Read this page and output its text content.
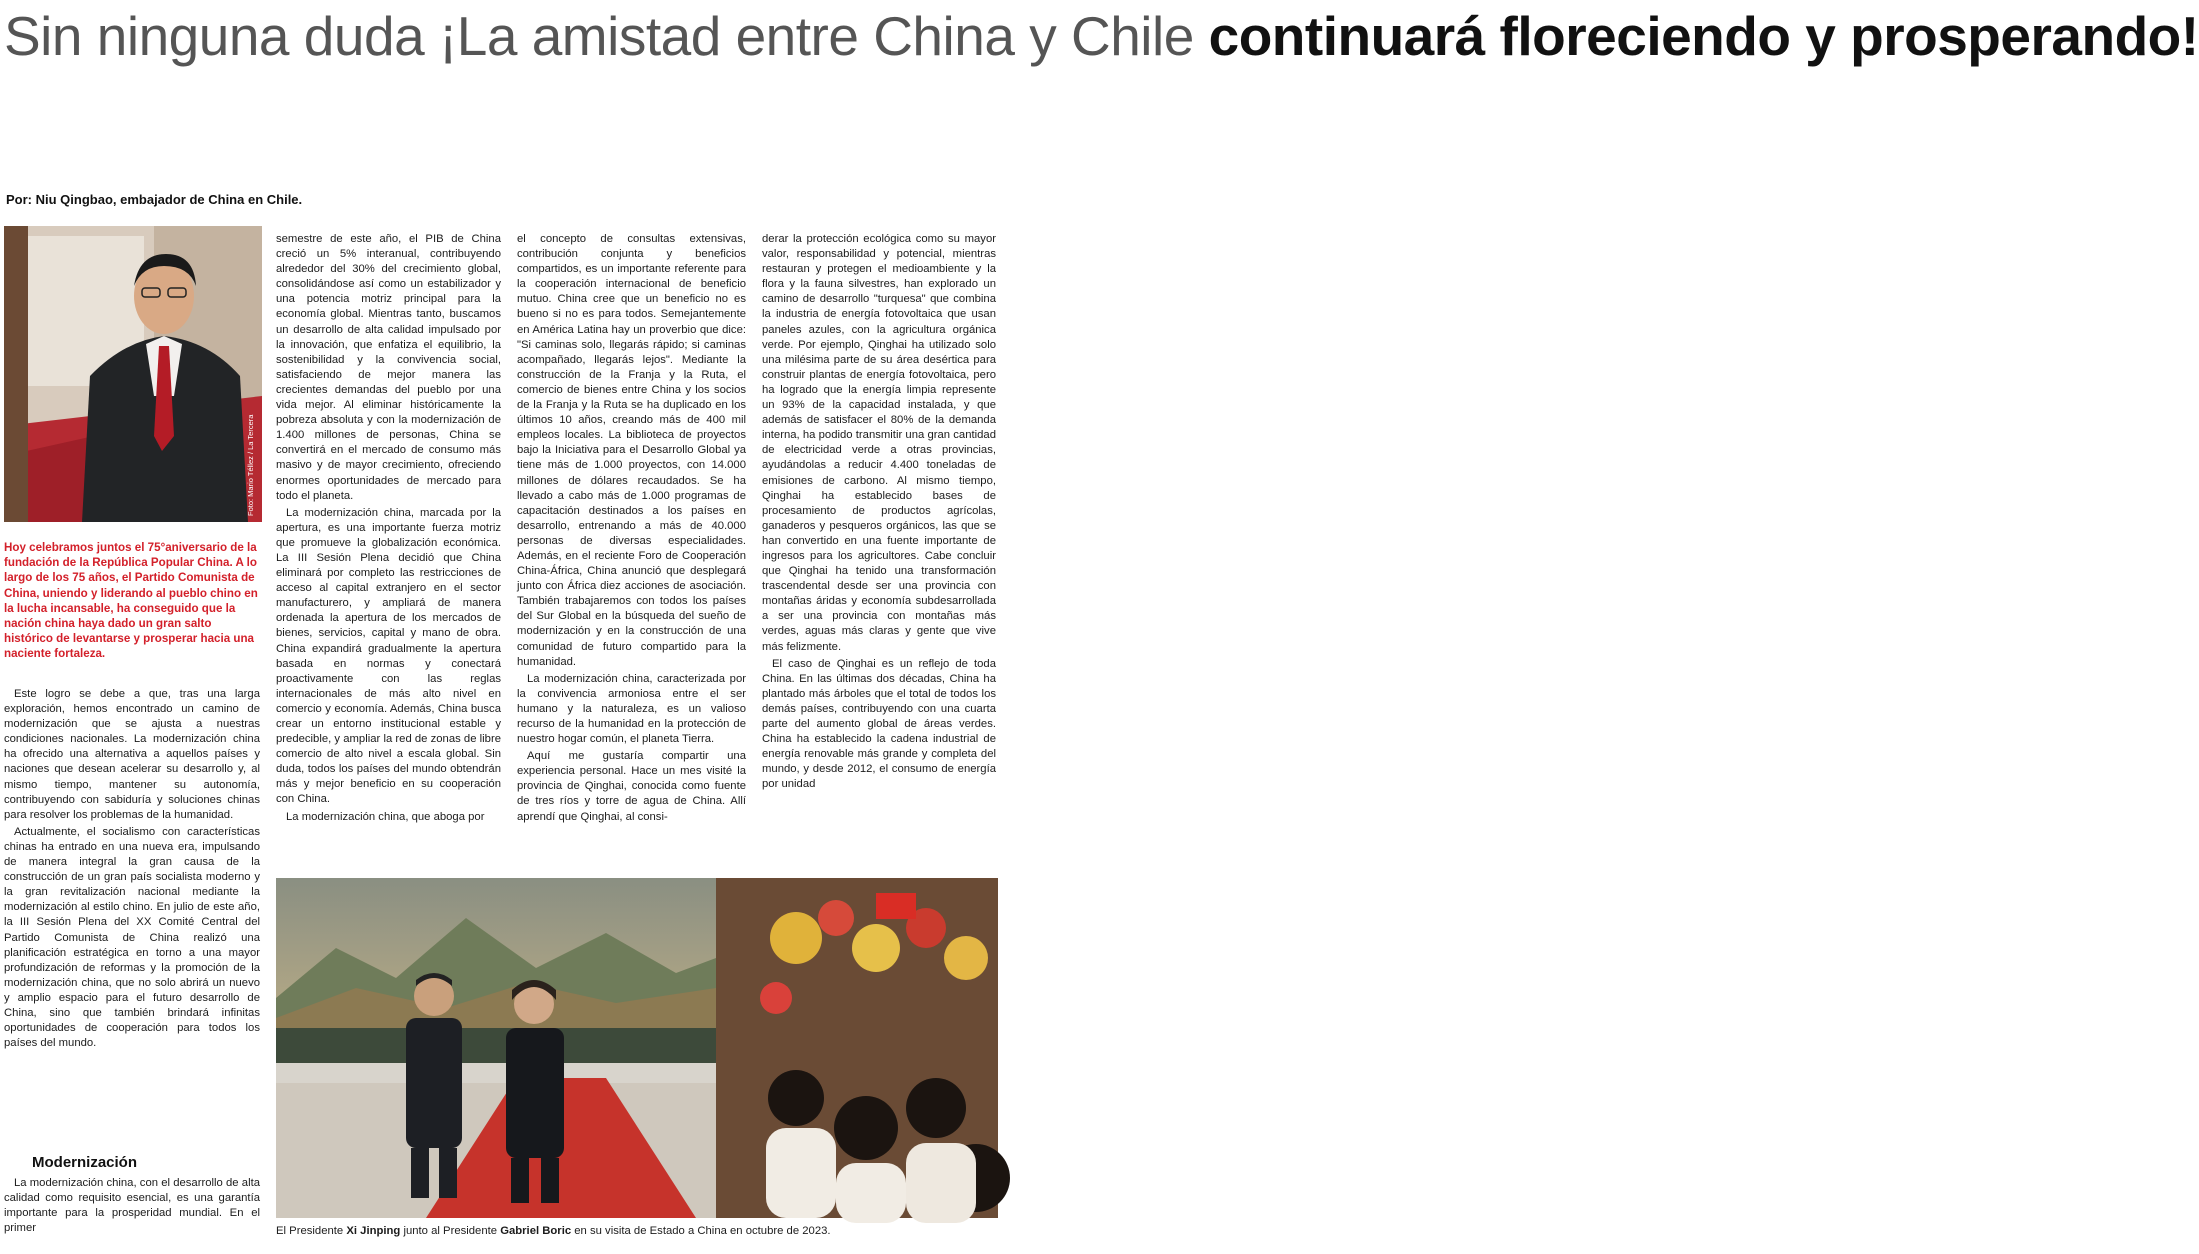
Sin ninguna duda ¡La amistad entre China y Chile continuará floreciendo y prosperando!

Por: Niu Qingbao, embajador de China en Chile.

Foto: Mario Téllez / La Tercera

Hoy celebramos juntos el 75°aniversario de la fundación de la República Popular China. A lo largo de los 75 años, el Partido Comunista de China, uniendo y liderando al pueblo chino en la lucha incansable, ha conseguido que la nación china haya dado un gran salto histórico de levantarse y prosperar hacia una naciente fortaleza.

Este logro se debe a que, tras una larga exploración, hemos encontrado un camino de modernización que se ajusta a nuestras condiciones nacionales. La modernización china ha ofrecido una alternativa a aquellos países y naciones que desean acelerar su desarrollo y, al mismo tiempo, mantener su autonomía, contribuyendo con sabiduría y soluciones chinas para resolver los problemas de la humanidad.

Actualmente, el socialismo con características chinas ha entrado en una nueva era, impulsando de manera integral la gran causa de la construcción de un gran país socialista moderno y la gran revitalización nacional mediante la modernización al estilo chino. En julio de este año, la III Sesión Plena del XX Comité Central del Partido Comunista de China realizó una planificación estratégica en torno a una mayor profundización de reformas y la promoción de la modernización china, que no solo abrirá un nuevo y amplio espacio para el futuro desarrollo de China, sino que también brindará infinitas oportunidades de cooperación para todos los países del mundo.

Modernización

La modernización china, con el desarrollo de alta calidad como requisito esencial, es una garantía importante para la prosperidad mundial. En el primer

semestre de este año, el PIB de China creció un 5% interanual, contribuyendo alrededor del 30% del crecimiento global, consolidándose así como un estabilizador y una potencia motriz principal para la economía global. Mientras tanto, buscamos un desarrollo de alta calidad impulsado por la innovación, que enfatiza el equilibrio, la sostenibilidad y la convivencia social, satisfaciendo de mejor manera las crecientes demandas del pueblo por una vida mejor. Al eliminar históricamente la pobreza absoluta y con la modernización de 1.400 millones de personas, China se convertirá en el mercado de consumo más masivo y de mayor crecimiento, ofreciendo enormes oportunidades de mercado para todo el planeta.

La modernización china, marcada por la apertura, es una importante fuerza motriz que promueve la globalización económica. La III Sesión Plena decidió que China eliminará por completo las restricciones de acceso al capital extranjero en el sector manufacturero, y ampliará de manera ordenada la apertura de los mercados de bienes, servicios, capital y mano de obra. China expandirá gradualmente la apertura basada en normas y conectará proactivamente con las reglas internacionales de más alto nivel en comercio y economía. Además, China busca crear un entorno institucional estable y predecible, y ampliar la red de zonas de libre comercio de alto nivel a escala global. Sin duda, todos los países del mundo obtendrán más y mejor beneficio en su cooperación con China.

La modernización china, que aboga por

el concepto de consultas extensivas, contribución conjunta y beneficios compartidos, es un importante referente para la cooperación internacional de beneficio mutuo. China cree que un beneficio no es bueno si no es para todos. Semejantemente en América Latina hay un proverbio que dice: "Si caminas solo, llegarás rápido; si caminas acompañado, llegarás lejos". Mediante la construcción de la Franja y la Ruta, el comercio de bienes entre China y los socios de la Franja y la Ruta se ha duplicado en los últimos 10 años, creando más de 400 mil empleos locales. La biblioteca de proyectos bajo la Iniciativa para el Desarrollo Global ya tiene más de 1.000 proyectos, con 14.000 millones de dólares recaudados. Se ha llevado a cabo más de 1.000 programas de capacitación destinados a los países en desarrollo, entrenando a más de 40.000 personas de diversas especialidades. Además, en el reciente Foro de Cooperación China-África, China anunció que desplegará junto con África diez acciones de asociación. También trabajaremos con todos los países del Sur Global en la búsqueda del sueño de modernización y en la construcción de una comunidad de futuro compartido para la humanidad.

La modernización china, caracterizada por la convivencia armoniosa entre el ser humano y la naturaleza, es un valioso recurso de la humanidad en la protección de nuestro hogar común, el planeta Tierra.

Aquí me gustaría compartir una experiencia personal. Hace un mes visité la provincia de Qinghai, conocida como fuente de tres ríos y torre de agua de China. Allí aprendí que Qinghai, al consi-

derar la protección ecológica como su mayor valor, responsabilidad y potencial, mientras restauran y protegen el medioambiente y la flora y la fauna silvestres, han explorado un camino de desarrollo "turquesa" que combina la industria de energía fotovoltaica que usan paneles azules, con la agricultura orgánica verde. Por ejemplo, Qinghai ha utilizado solo una milésima parte de su área desértica para construir plantas de energía fotovoltaica, pero ha logrado que la energía limpia represente un 93% de la capacidad instalada, y que además de satisfacer el 80% de la demanda interna, ha podido transmitir una gran cantidad de electricidad verde a otras provincias, ayudándolas a reducir 4.400 toneladas de emisiones de carbono. Al mismo tiempo, Qinghai ha establecido bases de procesamiento de productos agrícolas, ganaderos y pesqueros orgánicos, las que se han convertido en una fuente importante de ingresos para los agricultores. Cabe concluir que Qinghai ha tenido una transformación trascendental desde ser una provincia con montañas áridas y economía subdesarrollada a ser una provincia con montañas más verdes, aguas más claras y gente que vive más felizmente.

El caso de Qinghai es un reflejo de toda China. En las últimas dos décadas, China ha plantado más árboles que el total de todos los demás países, contribuyendo con una cuarta parte del aumento global de áreas verdes. China ha establecido la cadena industrial de energía renovable más grande y completa del mundo, y desde 2012, el consumo de energía por unidad

El Presidente Xi Jinping junto al Presidente Gabriel Boric en su visita de Estado a China en octubre de 2023.
